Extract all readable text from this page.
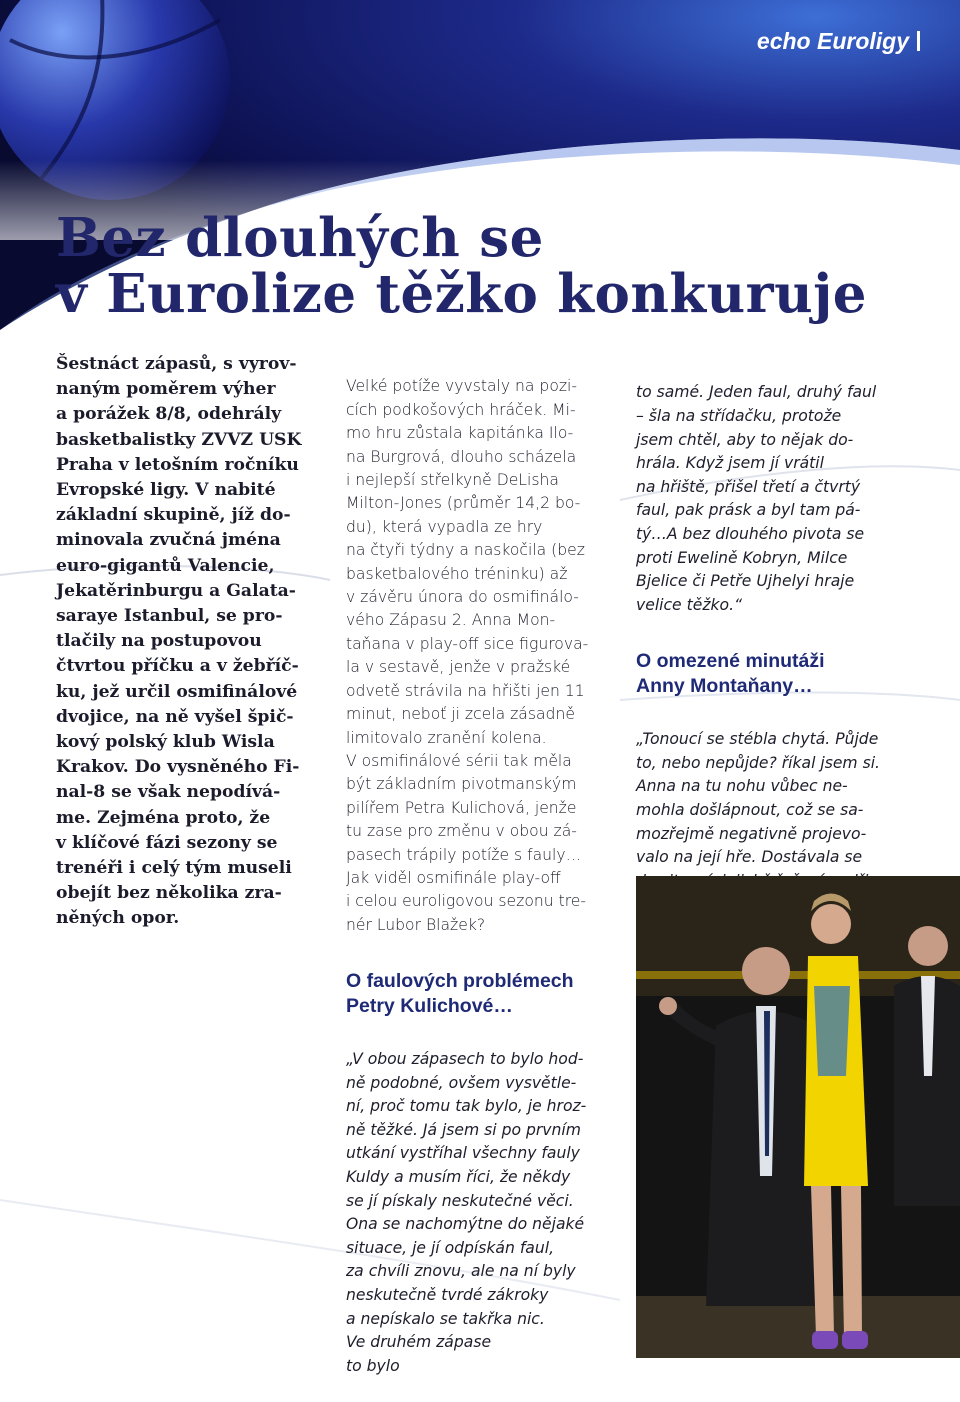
echo Euroligy
Bez dlouhých se
v Eurolize těžko konkuruje
Šestnáct zápasů, s vyrov-
naným poměrem výher
a porážek 8/8, odehrály
basketbalistky ZVVZ USK
Praha v letošním ročníku
Evropské ligy. V nabité
základní skupině, jíž do-
minovala zvučná jména
euro-gigantů Valencie,
Jekatěrinburgu a Galata-
saraye Istanbul, se pro-
tlačily na postupovou
čtvrtou příčku a v žebříč-
ku, jež určil osmifinálové
dvojice, na ně vyšel špič-
kový polský klub Wisla
Krakov. Do vysněného Fi-
nal-8 se však nepodívá-
me. Zejména proto, že
v klíčové fázi sezony se
trenéři i celý tým museli
obejít bez několika zra-
něných opor.

Velké potíže vyvstaly na pozi-
cích podkošových hráček. Mi-
mo hru zůstala kapitánka Ilo-
na Burgrová, dlouho scházela
i nejlepší střelkyně DeLisha
Milton-Jones (průměr 14,2 bo-
du), která vypadla ze hry
na čtyři týdny a naskočila (bez
basketbalového tréninku) až
v závěru února do osmifinálo-
vého Zápasu 2. Anna Mon-
taňana v play-off sice figurova-
la v sestavě, jenže v pražské
odvetě strávila na hřišti jen 11
minut, neboť ji zcela zásadně
limitovalo zranění kolena.
V osmifinálové sérii tak měla
být základním pivotmanským
pilířem Petra Kulichová, jenže
tu zase pro změnu v obou zá-
pasech trápily potíže s fauly…
Jak viděl osmifinále play-off
i celou euroligovou sezonu tre-
nér Lubor Blažek?

O faulových problémech
Petry Kulichové…

„V obou zápasech to bylo hod-
ně podobné, ovšem vysvětle-
ní, proč tomu tak bylo, je hroz-
ně těžké. Já jsem si po prvním
utkání vystříhal všechny fauly
Kuldy a musím říci, že někdy
se jí pískaly neskutečné věci.
Ona se nachomýtne do nějaké
situace, je jí odpískán faul,
za chvíli znovu, ale na ní byly
neskutečně tvrdé zákroky
a nepískalo se takřka nic.
Ve druhém zápase
to bylo

to samé. Jeden faul, druhý faul
– šla na střídačku, protože
jsem chtěl, aby to nějak do-
hrála. Když jsem jí vrátil
na hřiště, přišel třetí a čtvrtý
faul, pak prásk a byl tam pá-
tý…A bez dlouhého pivota se
proti Ewelině Kobryn, Milce
Bjelice či Petře Ujhelyi hraje
velice těžko.“

O omezené minutáži
Anny Montaňany…

„Tonoucí se stébla chytá. Půjde
to, nebo nepůjde? říkal jsem si.
Anna na tu nohu vůbec ne-
mohla došlápnout, což se sa-
mozřejmě negativně projevo-
valo na její hře. Dostávala se
